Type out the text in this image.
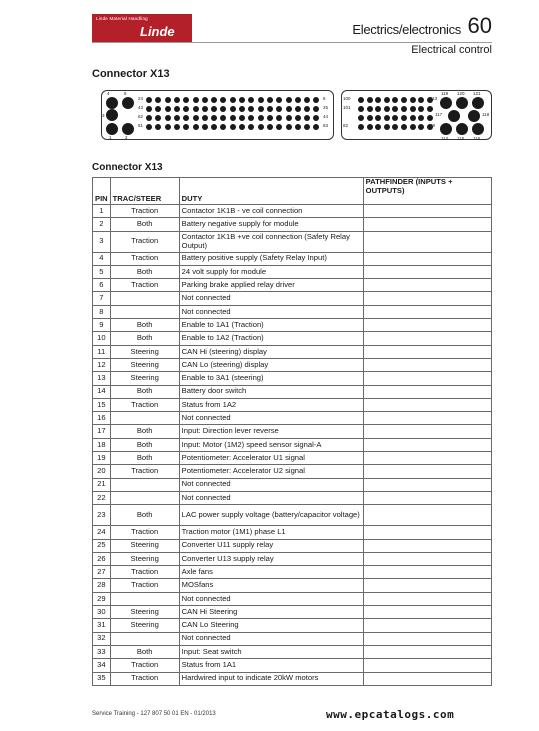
Linde Material Handling
Linde	Electrics/electronics 60
Electrical control
Connector X13
4	5
3
1	2
24
43
62
81
6
25
44
63
119 120 121
100
101
113
82	99
117	118
114 115 116
Connector X13
PIN	TRAC/STEER	DUTY	PATHFINDER (INPUTS + OUTPUTS)
1	Traction	Contactor 1K1B - ve coil connection	
2	Both	Battery negative supply for module	
3	Traction	Contactor 1K1B +ve coil connection (Safety Relay Output)	
4	Traction	Battery positive supply (Safety Relay Input)	
5	Both	24 volt supply for module	
6	Traction	Parking brake applied relay driver	
7		Not connected	
8		Not connected	
9	Both	Enable to 1A1 (Traction)	
10	Both	Enable to 1A2 (Traction)	
11	Steering	CAN Hi (steering) display	
12	Steering	CAN Lo (steering) display	
13	Steering	Enable to 3A1 (steering)	
14	Both	Battery door switch	
15	Traction	Status from 1A2	
16		Not connected	
17	Both	Input: Direction lever reverse	
18	Both	Input: Motor (1M2) speed sensor signal-A	
19	Both	Potentiometer: Accelerator U1 signal	
20	Traction	Potentiometer: Accelerator U2 signal	
21		Not connected	
22		Not connected	
23	Both	LAC power supply voltage (battery/capacitor voltage)	
24	Traction	Traction motor (1M1) phase L1	
25	Steering	Converter U11 supply relay	
26	Steering	Converter U13 supply relay	
27	Traction	Axle fans	
28	Traction	MOSfans	
29		Not connected	
30	Steering	CAN Hi Steering	
31	Steering	CAN Lo Steering	
32		Not connected	
33	Both	Input: Seat switch	
34	Traction	Status from 1A1	
35	Traction	Hardwired input to indicate 20kW motors	
Service Training - 127 807 50 01 EN - 01/2013	www.epcatalogs.com
